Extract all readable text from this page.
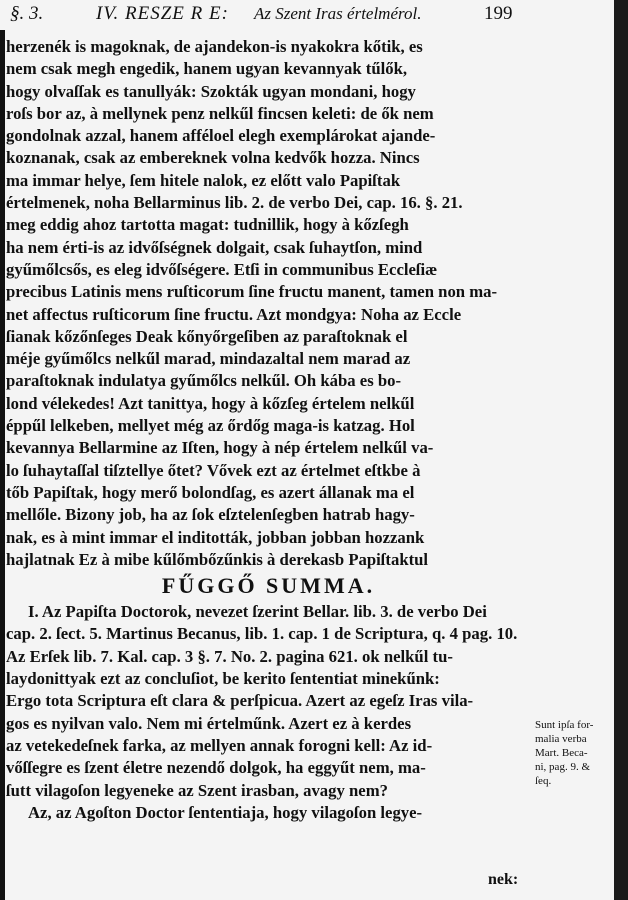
§. 3.	IV. RESZE R E: Az Szent Iras értelmérol.	199
herzenék is magoknak, de ajandekon-is nyakokra kőtik, es
nem csak megh engedik, hanem ugyan kevannyak tűlők,
hogy olvaſſak es tanullyák: Szokták ugyan mondani, hogy
roſs bor az, à mellynek penz nelkűl fincsen keleti: de ők nem
gondolnak azzal, hanem afféloel elegh exemplárokat ajande-
koznanak, csak az embereknek volna kedvők hozza. Nincs
ma immar helye, ſem hitele nalok, ez előtt valo Papiſtak
értelmenek, noha Bellarminus lib. 2. de verbo Dei, cap. 16. §. 21.
meg eddig ahoz tartotta magat: tudnillik, hogy à kőzſegh
ha nem érti-is az idvőſségnek dolgait, csak ſuhaytſon, mind
gyűmőlcsős, es eleg idvőſségere. Etſi in communibus Eccleſiæ
precibus Latinis mens ruſticorum ſine fructu manent, tamen non ma-
net affectus ruſticorum ſine fructu. Azt mondgya: Noha az Eccle
ſianak kőzőnſeges Deak kőnyőrgeſiben az paraſtoknak el
méje gyűmőlcs nelkűl marad, mindazaltal nem marad az
paraſtoknak indulatya gyűmőlcs nelkűl. Oh kába es bo-
lond vélekedes! Azt tanittya, hogy à kőzſeg értelem nelkűl
éppűl lelkeben, mellyet még az őrdőg maga-is katzag. Hol
kevannya Bellarmine az Iſten, hogy à nép értelem nelkűl va-
lo ſuhaytaſſal tiſztellye őtet? Vővek ezt az értelmet eſtkbe à
tőb Papiſtak, hogy merő bolondſag, es azert állanak ma el
mellőle. Bizony job, ha az ſok eſztelenſegben hatrab hagy-
nak, es à mint immar el inditották, jobban jobban hozzank
hajlatnak Ez à mibe kűlőmbőzűnkis à derekasb Papiſtaktul
FŰGGŐ SUMMA.
I. Az Papiſta Doctorok, nevezet ſzerint Bellar. lib. 3. de verbo Dei
cap. 2. ſect. 5. Martinus Becanus, lib. 1. cap. 1 de Scriptura, q. 4 pag. 10.
Az Erſek lib. 7. Kal. cap. 3 §. 7. No. 2. pagina 621. ok nelkűl tu-
laydonittyak ezt az concluſiot, be kerito ſententiat minekűnk:
Ergo tota Scriptura eſt clara & perſpicua. Azert az egeſz Iras vila-
gos es nyilvan valo. Nem mi értelműnk. Azert ez à kerdes
az vetekedeſnek farka, az mellyen annak forogni kell: Az id-
vőſſegre es ſzent életre nezendő dolgok, ha eggyűt nem, ma-
ſutt vilagoſon legyeneke az Szent irasban, avagy nem?
Az, az Agoſton Doctor ſententiaja, hogy vilagoſon legye-
Sunt ipſa for-
malia verba
Mart. Beca-
ni, pag. 9. &
ſeq.
nek:
